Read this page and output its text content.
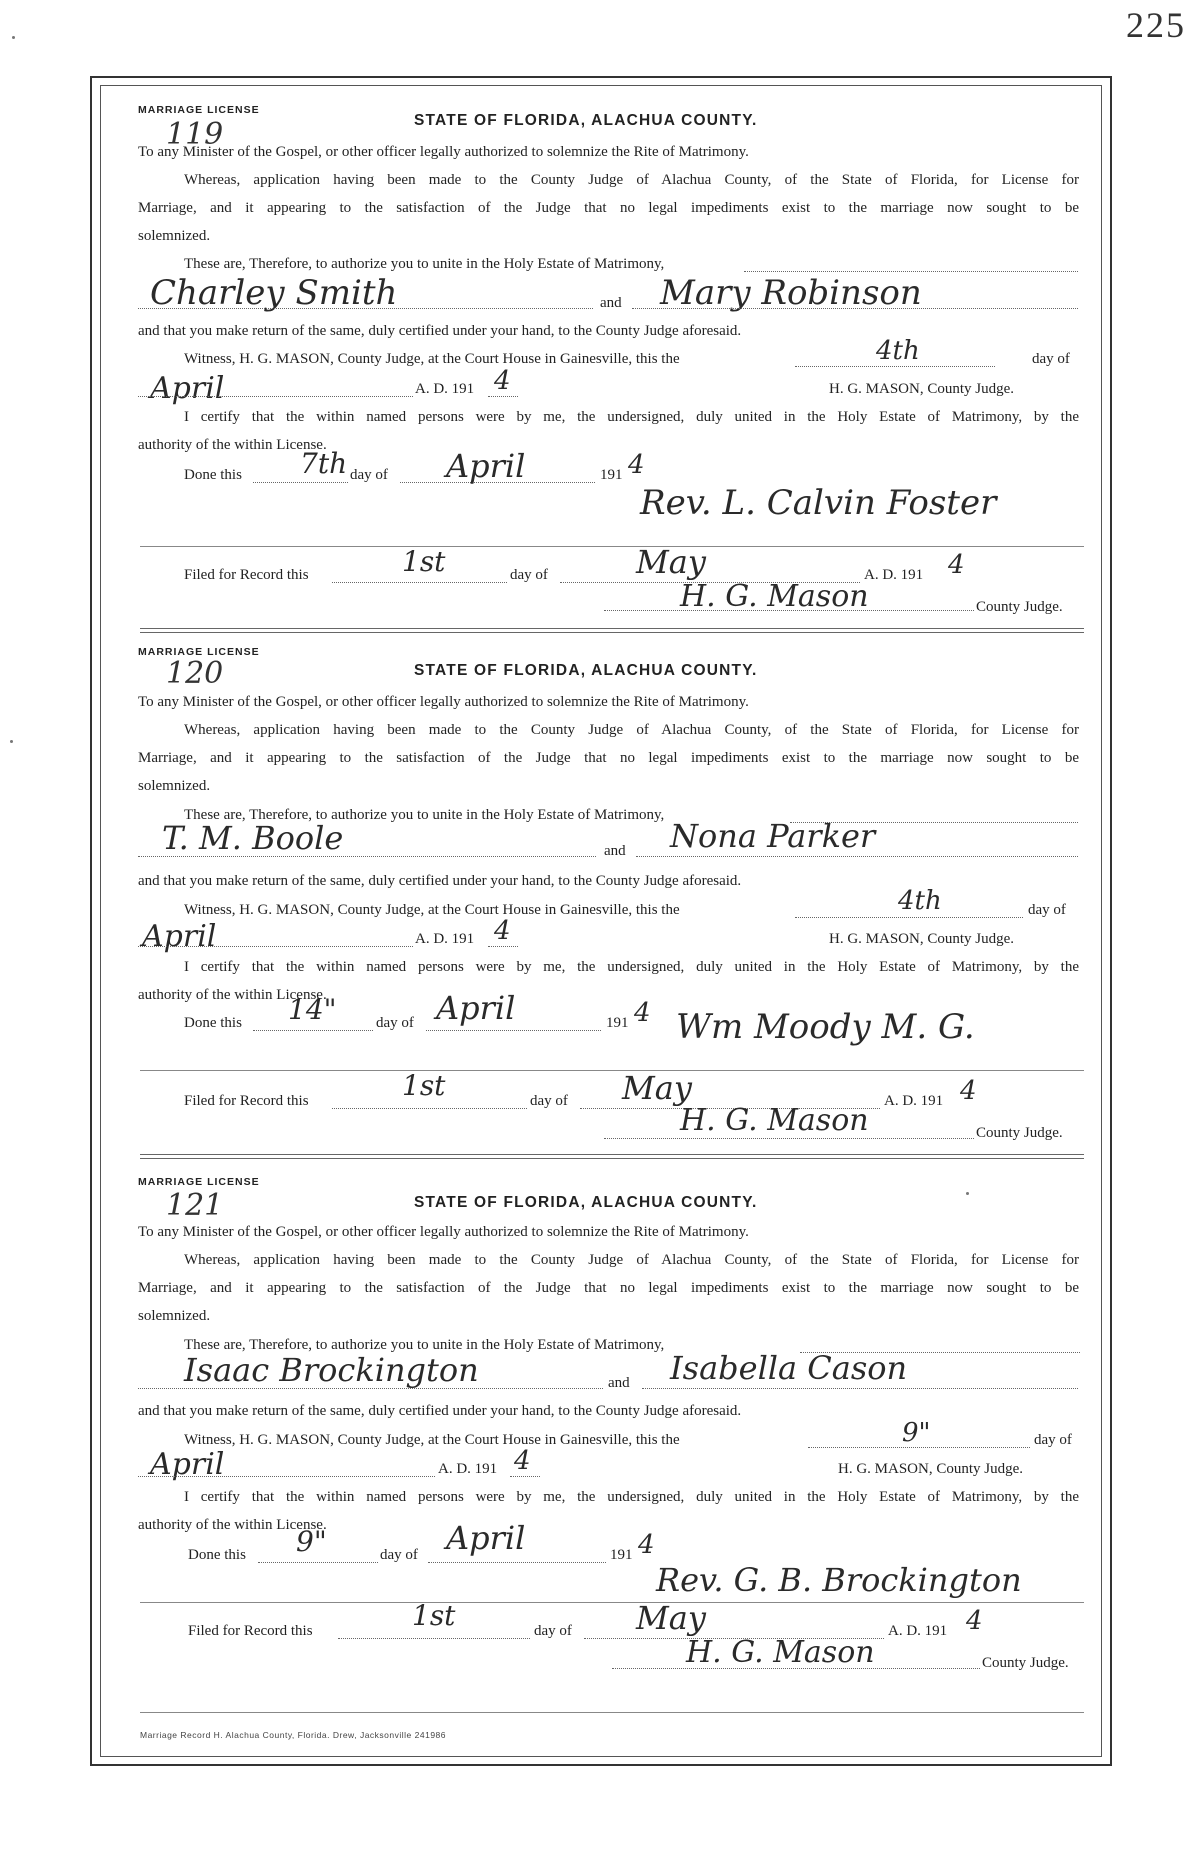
225
MARRIAGE LICENSE
119	STATE OF FLORIDA, ALACHUA COUNTY.
To any Minister of the Gospel, or other officer legally authorized to solemnize the Rite of Matrimony.
Whereas, application having been made to the County Judge of Alachua County, of the State of Florida, for License for
Marriage, and it appearing to the satisfaction of the Judge that no legal impediments exist to the marriage now sought to be
solemnized.
These are, Therefore, to authorize you to unite in the Holy Estate of Matrimony,
Charley Smith	and Mary Robinson
and that you make return of the same, duly certified under your hand, to the County Judge aforesaid.
Witness, H. G. MASON, County Judge, at the Court House in Gainesville, this the	4th	day of
April	A. D. 191 4	H. G. MASON, County Judge.
I certify that the within named persons were by me, the undersigned, duly united in the Holy Estate of Matrimony, by the
authority of the within License.
Done this 7th day of April	191 4
Rev. L. Calvin Foster
Filed for Record this	1st	day of	May	A. D. 191 4
H. G. Mason	County Judge.
MARRIAGE LICENSE
120	STATE OF FLORIDA, ALACHUA COUNTY.
To any Minister of the Gospel, or other officer legally authorized to solemnize the Rite of Matrimony.
Whereas, application having been made to the County Judge of Alachua County, of the State of Florida, for License for
Marriage, and it appearing to the satisfaction of the Judge that no legal impediments exist to the marriage now sought to be
solemnized.
These are, Therefore, to authorize you to unite in the Holy Estate of Matrimony,
T. M. Boole	and Nona Parker
and that you make return of the same, duly certified under your hand, to the County Judge aforesaid.
Witness, H. G. MASON, County Judge, at the Court House in Gainesville, this the	4th	day of
April	A. D. 191 4	H. G. MASON, County Judge.
I certify that the within named persons were by me, the undersigned, duly united in the Holy Estate of Matrimony, by the
authority of the within License.
Done this 14"	day of April	191 4 Wm Moody M. G.
Filed for Record this	1st	day of May	A. D. 191 4
H. G. Mason	County Judge.
MARRIAGE LICENSE
121	STATE OF FLORIDA, ALACHUA COUNTY.
To any Minister of the Gospel, or other officer legally authorized to solemnize the Rite of Matrimony.
Whereas, application having been made to the County Judge of Alachua County, of the State of Florida, for License for
Marriage, and it appearing to the satisfaction of the Judge that no legal impediments exist to the marriage now sought to be
solemnized.
These are, Therefore, to authorize you to unite in the Holy Estate of Matrimony,
Isaac Brockington	and Isabella Cason
and that you make return of the same, duly certified under your hand, to the County Judge aforesaid.
Witness, H. G. MASON, County Judge, at the Court House in Gainesville, this the	9"	day of
April	A. D. 191 4	H. G. MASON, County Judge.
I certify that the within named persons were by me, the undersigned, duly united in the Holy Estate of Matrimony, by the
authority of the within License.
Done this 9"	day of April	191 4
Rev. G. B. Brockington
Filed for Record this	1st	day of May	A. D. 191 4
H. G. Mason	County Judge.
Marriage Record H. Alachua County, Florida. Drew, Jacksonville 241986
